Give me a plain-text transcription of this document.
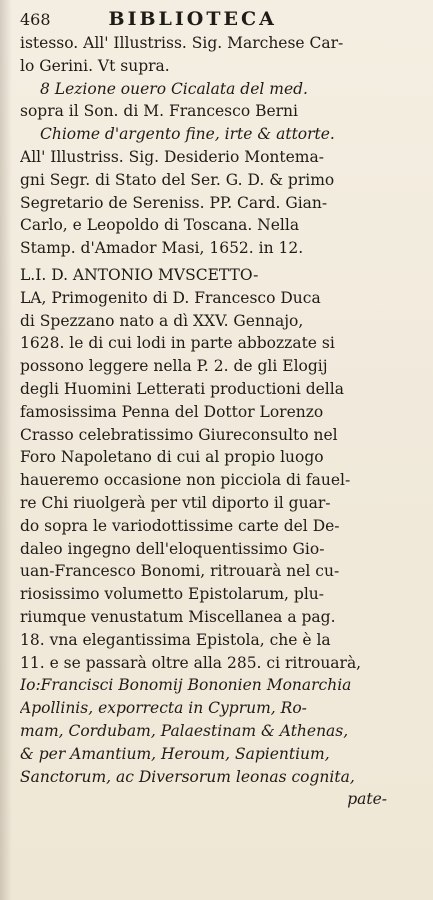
468	BIBLIOTECA
istesso. All' Illustriss. Sig. Marchese Car-
lo Gerini. Vt supra.
8 Lezione ouero Cicalata del med.
sopra il Son. di M. Francesco Berni
Chiome d'argento fine, irte & attorte.
All' Illustriss. Sig. Desiderio Montema-
gni Segr. di Stato del Ser. G. D. & primo
Segretario de Sereniss. PP. Card. Gian-
Carlo, e Leopoldo di Toscana. Nella
Stamp. d'Amador Masi, 1652. in 12.
L.I. D. ANTONIO MVSCETTO-
LA, Primogenito di D. Francesco Duca
di Spezzano nato a dì XXV. Gennajo,
1628. le di cui lodi in parte abbozzate si
possono leggere nella P. 2. de gli Elogij
degli Huomini Letterati productioni della
famosissima Penna del Dottor Lorenzo
Crasso celebratissimo Giureconsulto nel
Foro Napoletano di cui al propio luogo
haueremo occasione non picciola di fauel-
re Chi riuolgerà per vtil diporto il guar-
do sopra le variodottissime carte del De-
daleo ingegno dell'eloquentissimo Gio-
uan-Francesco Bonomi, ritrouarà nel cu-
riosissimo volumetto Epistolarum, plu-
riumque venustatum Miscellanea a pag.
18. vna elegantissima Epistola, che è la
11. e se passarà oltre alla 285. ci ritrouarà,
Io:Francisci Bonomij Bononien Monarchia
Apollinis, exporrecta in Cyprum, Ro-
mam, Cordubam, Palaestinam & Athenas,
& per Amantium, Heroum, Sapientium,
Sanctorum, ac Diversorum leonas cognita,
pate-
